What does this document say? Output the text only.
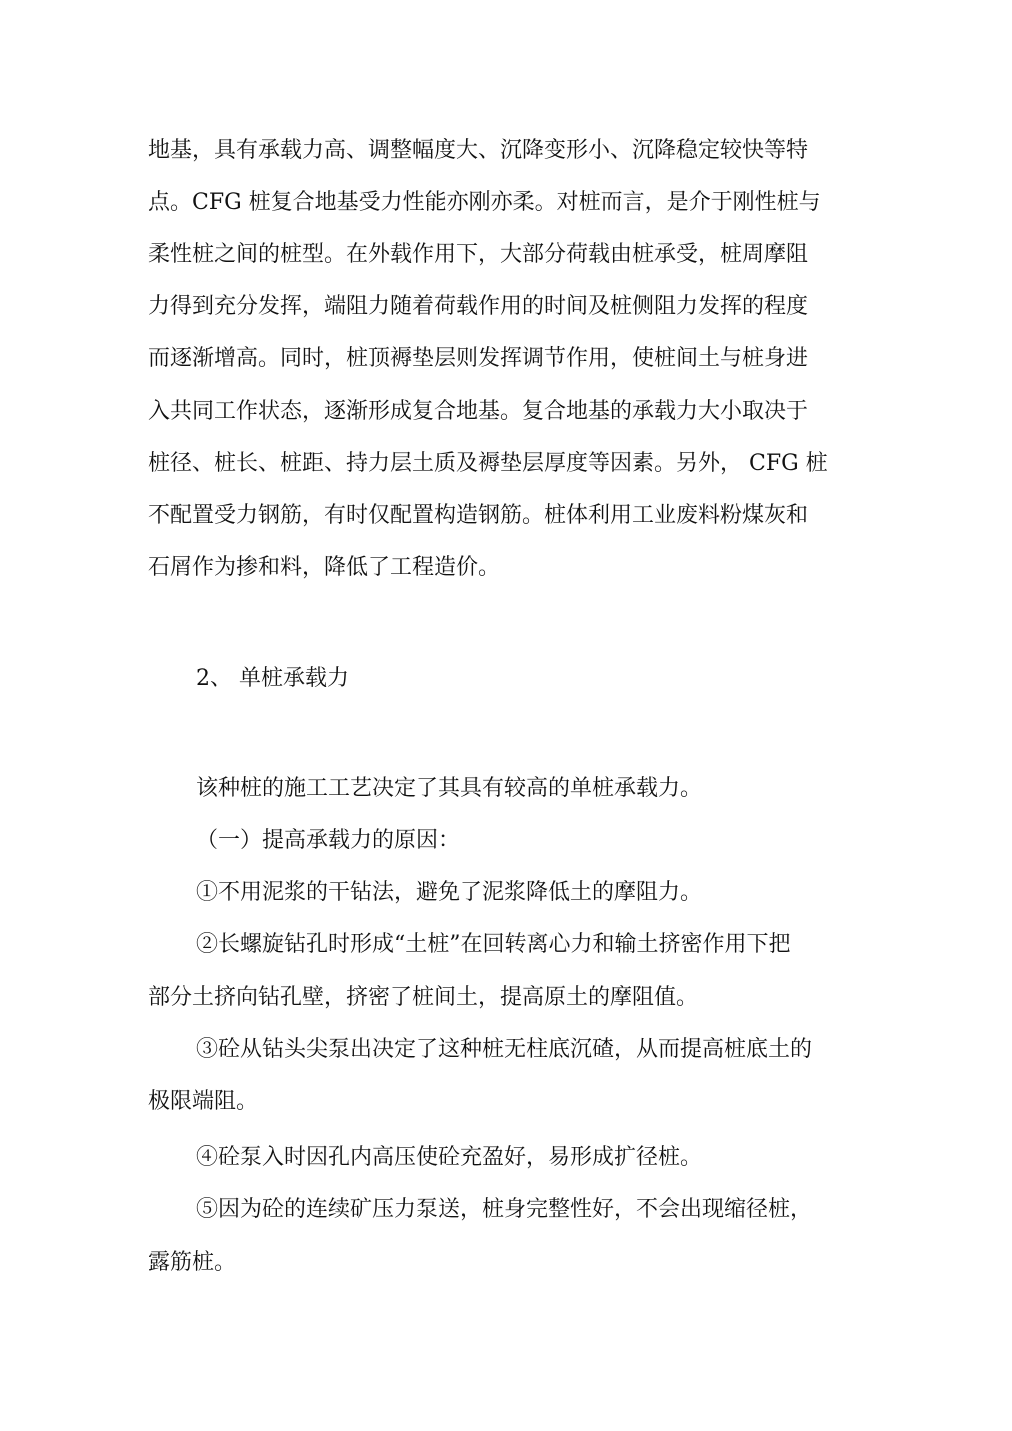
地基，具有承载力高、调整幅度大、沉降变形小、沉降稳定较快等特
点。CFG 桩复合地基受力性能亦刚亦柔。对桩而言，是介于刚性桩与
柔性桩之间的桩型。在外载作用下，大部分荷载由桩承受，桩周摩阻
力得到充分发挥，端阻力随着荷载作用的时间及桩侧阻力发挥的程度
而逐渐增高。同时，桩顶褥垫层则发挥调节作用，使桩间土与桩身进
入共同工作状态，逐渐形成复合地基。复合地基的承载力大小取决于
桩径、桩长、桩距、持力层土质及褥垫层厚度等因素。另外， CFG 桩
不配置受力钢筋，有时仅配置构造钢筋。桩体利用工业废料粉煤灰和
石屑作为掺和料，降低了工程造价。
2、 单桩承载力
该种桩的施工工艺决定了其具有较高的单桩承载力。
（一）提高承载力的原因：
①不用泥浆的干钻法，避免了泥浆降低土的摩阻力。
②长螺旋钻孔时形成“土桩”在回转离心力和输土挤密作用下把
部分土挤向钻孔壁，挤密了桩间土，提高原土的摩阻值。
③砼从钻头尖泵出决定了这种桩无柱底沉碴，从而提高桩底土的
极限端阻。
④砼泵入时因孔内高压使砼充盈好，易形成扩径桩。
⑤因为砼的连续矿压力泵送，桩身完整性好，不会出现缩径桩，
露筋桩。
